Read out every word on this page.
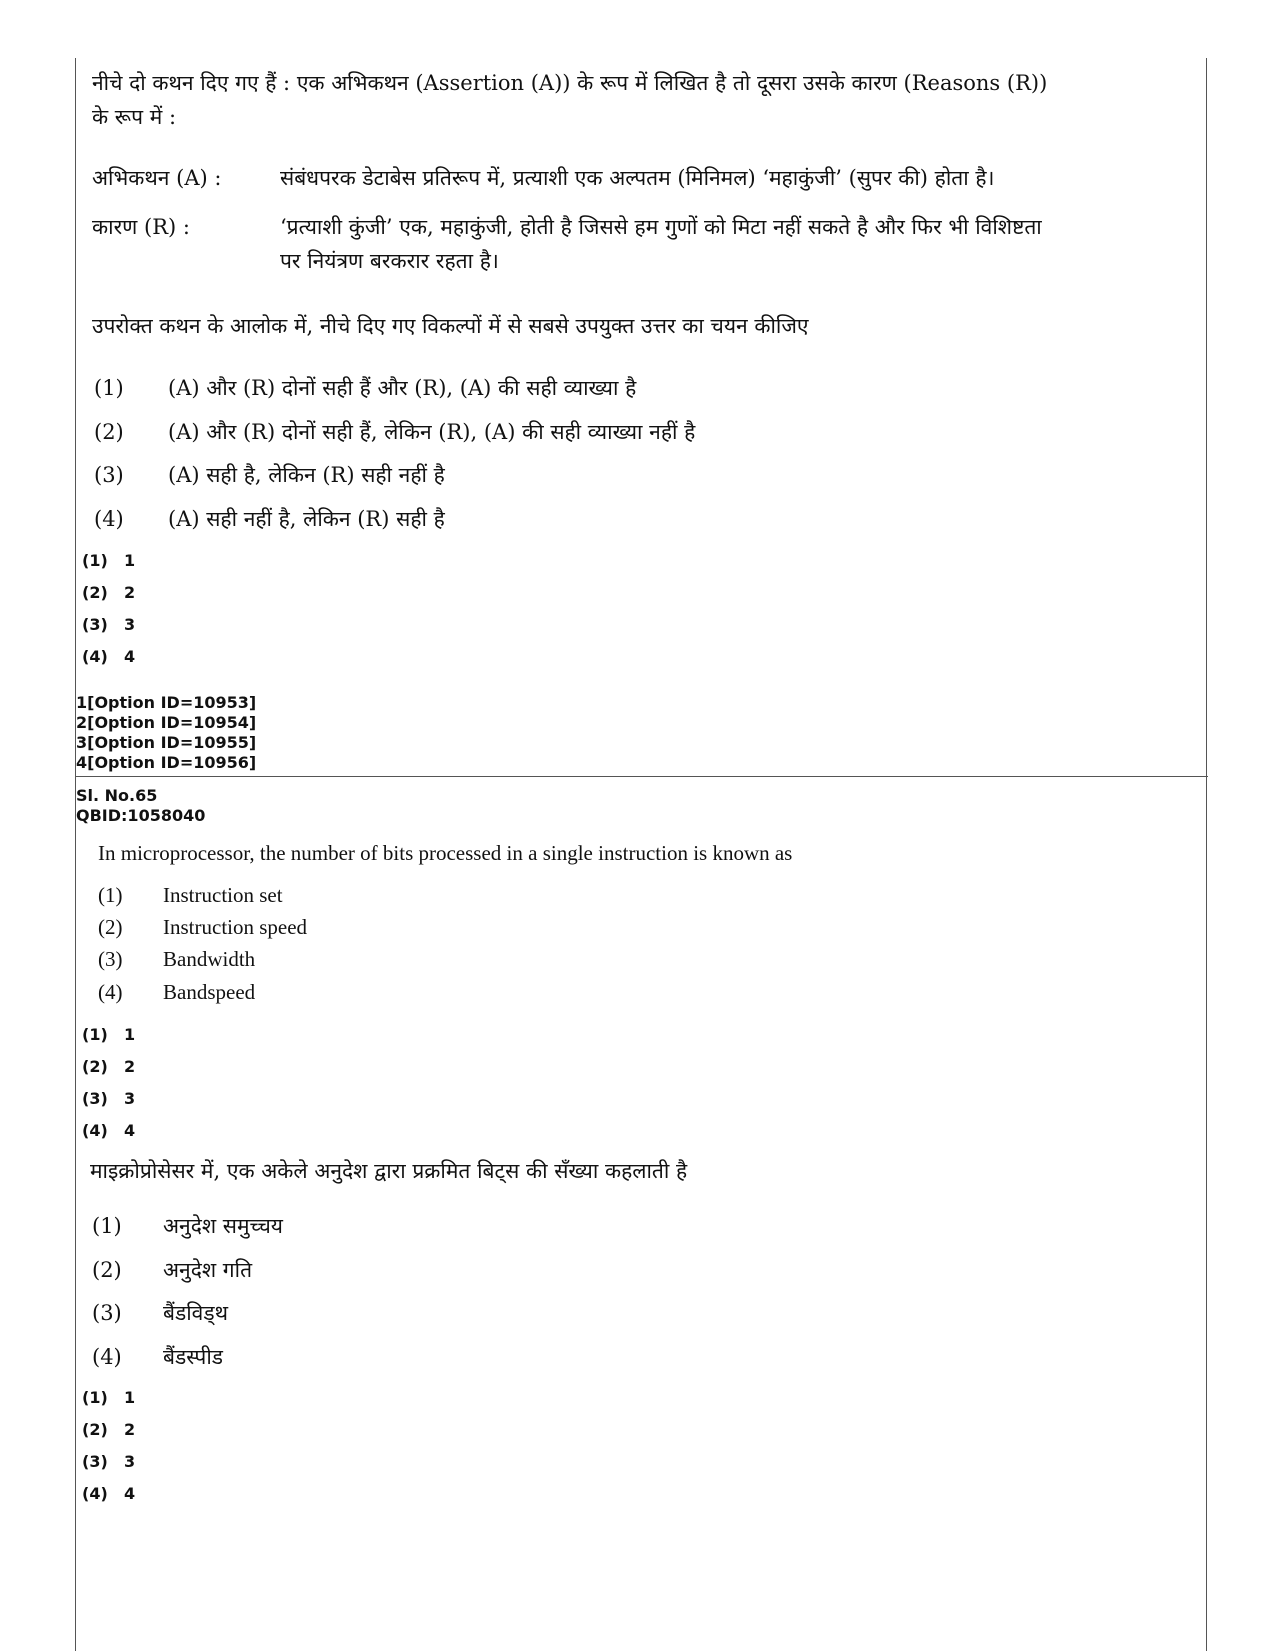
नीचे दो कथन दिए गए हैं : एक अभिकथन (Assertion (A)) के रूप में लिखित है तो दूसरा उसके कारण (Reasons (R))
के रूप में :
अभिकथन (A) :	संबंधपरक डेटाबेस प्रतिरूप में, प्रत्याशी एक अल्पतम (मिनिमल) ‘महाकुंजी’ (सुपर की) होता है।
कारण (R) :	‘प्रत्याशी कुंजी’ एक, महाकुंजी, होती है जिससे हम गुणों को मिटा नहीं सकते है और फिर भी विशिष्टता
पर नियंत्रण बरकरार रहता है।
उपरोक्त कथन के आलोक में, नीचे दिए गए विकल्पों में से सबसे उपयुक्त उत्तर का चयन कीजिए
(1) (A) और (R) दोनों सही हैं और (R), (A) की सही व्याख्या है
(2) (A) और (R) दोनों सही हैं, लेकिन (R), (A) की सही व्याख्या नहीं है
(3) (A) सही है, लेकिन (R) सही नहीं है
(4) (A) सही नहीं है, लेकिन (R) सही है
(1) 1
(2) 2
(3) 3
(4) 4
1[Option ID=10953]
2[Option ID=10954]
3[Option ID=10955]
4[Option ID=10956]
Sl. No.65
QBID:1058040
In microprocessor, the number of bits processed in a single instruction is known as
(1) Instruction set
(2) Instruction speed
(3) Bandwidth
(4) Bandspeed
(1) 1
(2) 2
(3) 3
(4) 4
माइक्रोप्रोसेसर में, एक अकेले अनुदेश द्वारा प्रक्रमित बिट्स की सँख्या कहलाती है
(1) अनुदेश समुच्चय
(2) अनुदेश गति
(3) बैंडविड्थ
(4) बैंडस्पीड
(1) 1
(2) 2
(3) 3
(4) 4
